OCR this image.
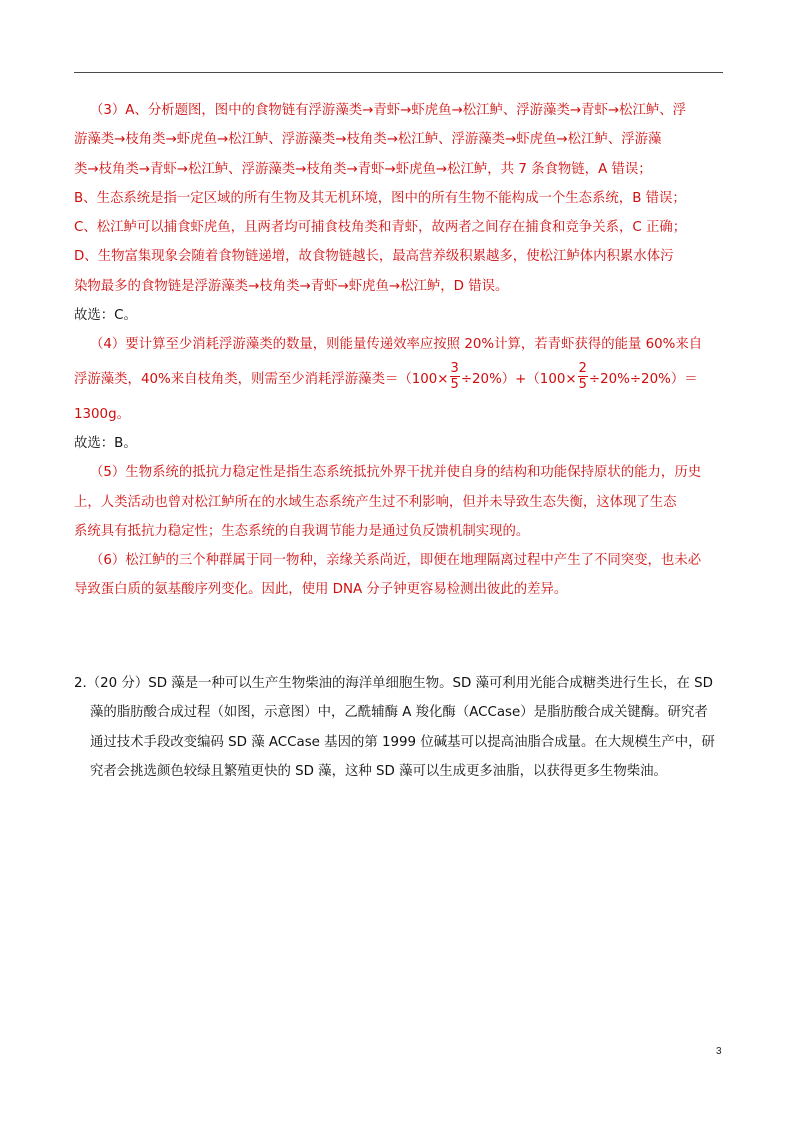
（3）A、分析题图，图中的食物链有浮游藻类→青虾→虾虎鱼→松江鲈、浮游藻类→青虾→松江鲈、浮
游藻类→枝角类→虾虎鱼→松江鲈、浮游藻类→枝角类→松江鲈、浮游藻类→虾虎鱼→松江鲈、浮游藻
类→枝角类→青虾→松江鲈、浮游藻类→枝角类→青虾→虾虎鱼→松江鲈，共 7 条食物链，A 错误；
B、生态系统是指一定区域的所有生物及其无机环境，图中的所有生物不能构成一个生态系统，B 错误；
C、松江鲈可以捕食虾虎鱼，且两者均可捕食枝角类和青虾，故两者之间存在捕食和竞争关系，C 正确；
D、生物富集现象会随着食物链递增，故食物链越长，最高营养级积累越多，使松江鲈体内积累水体污
染物最多的食物链是浮游藻类→枝角类→青虾→虾虎鱼→松江鲈，D 错误。
故选：C。
（4）要计算至少消耗浮游藻类的数量，则能量传递效率应按照 20%计算，若青虾获得的能量 60%来自
浮游藻类，40%来自枝角类，则需至少消耗浮游藻类$=(100\times \frac{3}{5} \div 20\%)+(100\times \frac{2}{5} \div 20\%\div 20\%)=$
1300g。
故选：B。
（5）生物系统的抵抗力稳定性是指生态系统抵抗外界干扰并使自身的结构和功能保持原状的能力，历史
上，人类活动也曾对松江鲈所在的水域生态系统产生过不利影响，但并未导致生态失衡，这体现了生态
系统具有抵抗力稳定性；生态系统的自我调节能力是通过负反馈机制实现的。
（6）松江鲈的三个种群属于同一物种，亲缘关系尚近，即便在地理隔离过程中产生了不同突变，也未必
导致蛋白质的氨基酸序列变化。因此，使用 DNA 分子钟更容易检测出彼此的差异。
2.（20 分）SD 藻是一种可以生产生物柴油的海洋单细胞生物。SD 藻可利用光能合成糖类进行生长，在 SD
藻的脂肪酸合成过程（如图，示意图）中，乙酰辅酶 A 羧化酶（ACCase）是脂肪酸合成关键酶。研究者
通过技术手段改变编码 SD 藻 ACCase 基因的第 1999 位碱基可以提高油脂合成量。在大规模生产中，研
究者会挑选颜色较绿且繁殖更快的 SD 藻，这种 SD 藻可以生成更多油脂，以获得更多生物柴油。
3
